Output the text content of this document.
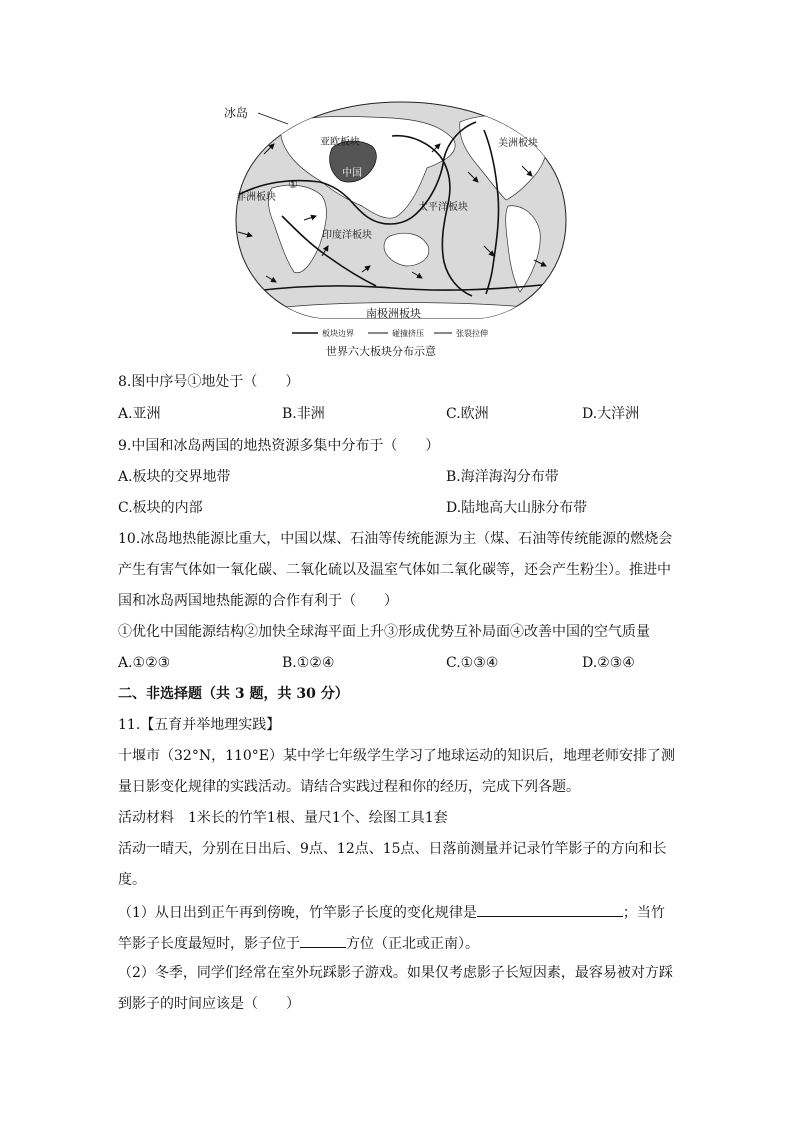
冰岛
亚欧板块	美洲板块
非洲板块
中国
太平洋板块
印度洋板块
南极洲板块
①
板块边界	碰撞挤压	张裂拉伸
世界六大板块分布示意
8.图中序号①地处于（　　）
A.亚洲	B.非洲	C.欧洲	D.大洋洲
9.中国和冰岛两国的地热资源多集中分布于（　　）
A.板块的交界地带	B.海洋海沟分布带
C.板块的内部	D.陆地高大山脉分布带
10.冰岛地热能源比重大，中国以煤、石油等传统能源为主（煤、石油等传统能源的燃烧会
产生有害气体如一氧化碳、二氧化硫以及温室气体如二氧化碳等，还会产生粉尘）。推进中
国和冰岛两国地热能源的合作有利于（　　）
①优化中国能源结构②加快全球海平面上升③形成优势互补局面④改善中国的空气质量
A.①②③	B.①②④	C.①③④	D.②③④
二、非选择题（共 3 题，共 30 分）
11.【五育并举地理实践】
十堰市（32°N，110°E）某中学七年级学生学习了地球运动的知识后，地理老师安排了测
量日影变化规律的实践活动。请结合实践过程和你的经历，完成下列各题。
活动材料　1米长的竹竿1根、量尺1个、绘图工具1套
活动一晴天，分别在日出后、9点、12点、15点、日落前测量并记录竹竿影子的方向和长
度。
（1）从日出到正午再到傍晚，竹竿影子长度的变化规律是	；当竹
竿影子长度最短时，影子位于	方位（正北或正南）。
（2）冬季，同学们经常在室外玩踩影子游戏。如果仅考虑影子长短因素，最容易被对方踩
到影子的时间应该是（　　）
